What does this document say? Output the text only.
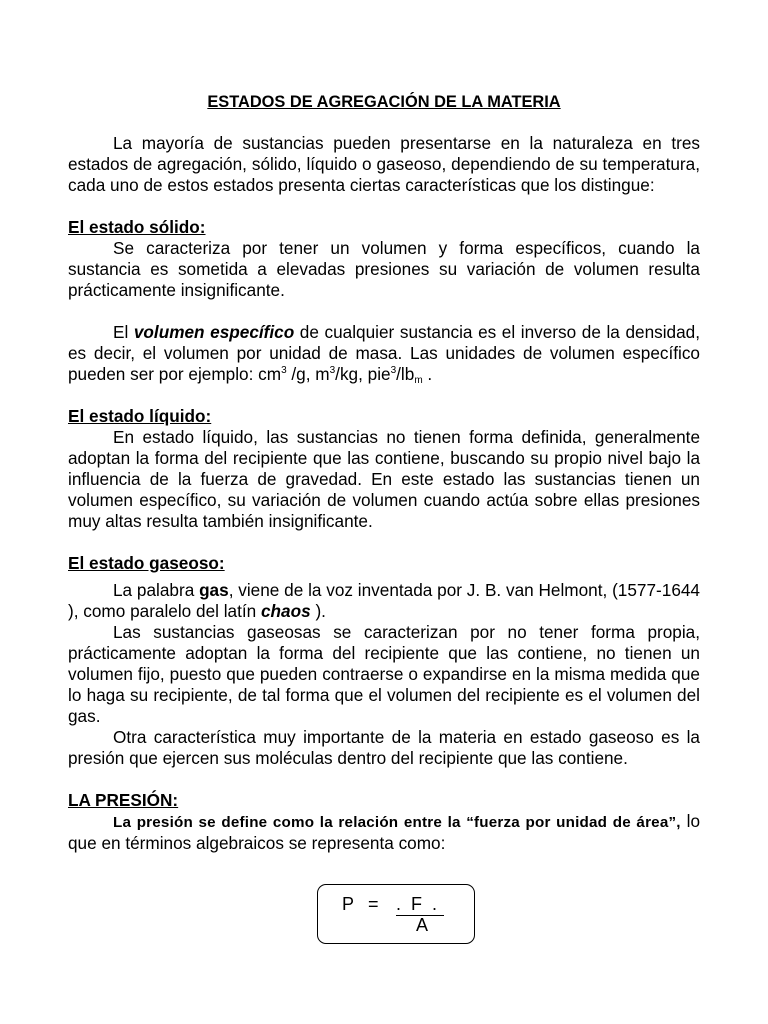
ESTADOS DE AGREGACIÓN DE LA MATERIA

La mayoría de sustancias pueden presentarse en la naturaleza en tres estados de agregación, sólido, líquido o gaseoso, dependiendo de su temperatura, cada uno de estos estados presenta ciertas características que los distingue:

El estado sólido:

Se caracteriza por tener un volumen y forma específicos, cuando la sustancia es sometida a elevadas presiones su variación de volumen resulta prácticamente insignificante.

El volumen específico de cualquier sustancia es el inverso de la densidad, es decir, el volumen por unidad de masa. Las unidades de volumen específico pueden ser por ejemplo: $cm^3$ /g, $m^3/kg$, $pie^3/lb_m$ .

El estado líquido:

En estado líquido, las sustancias no tienen forma definida, generalmente adoptan la forma del recipiente que las contiene, buscando su propio nivel bajo la influencia de la fuerza de gravedad. En este estado las sustancias tienen un volumen específico, su variación de volumen cuando actúa sobre ellas presiones muy altas resulta también insignificante.

El estado gaseoso:

La palabra gas, viene de la voz inventada por J. B. van Helmont, (1577-1644 ), como paralelo del latín chaos ).

Las sustancias gaseosas se caracterizan por no tener forma propia, prácticamente adoptan la forma del recipiente que las contiene, no tienen un volumen fijo, puesto que pueden contraerse o expandirse en la misma medida que lo haga su recipiente, de tal forma que el volumen del recipiente es el volumen del gas.

Otra característica muy importante de la materia en estado gaseoso es la presión que ejercen sus moléculas dentro del recipiente que las contiene.

LA PRESIÓN:

La presión se define como la relación entre la “fuerza por unidad de área”, lo que en términos algebraicos se representa como:

P = .  F  .
A
